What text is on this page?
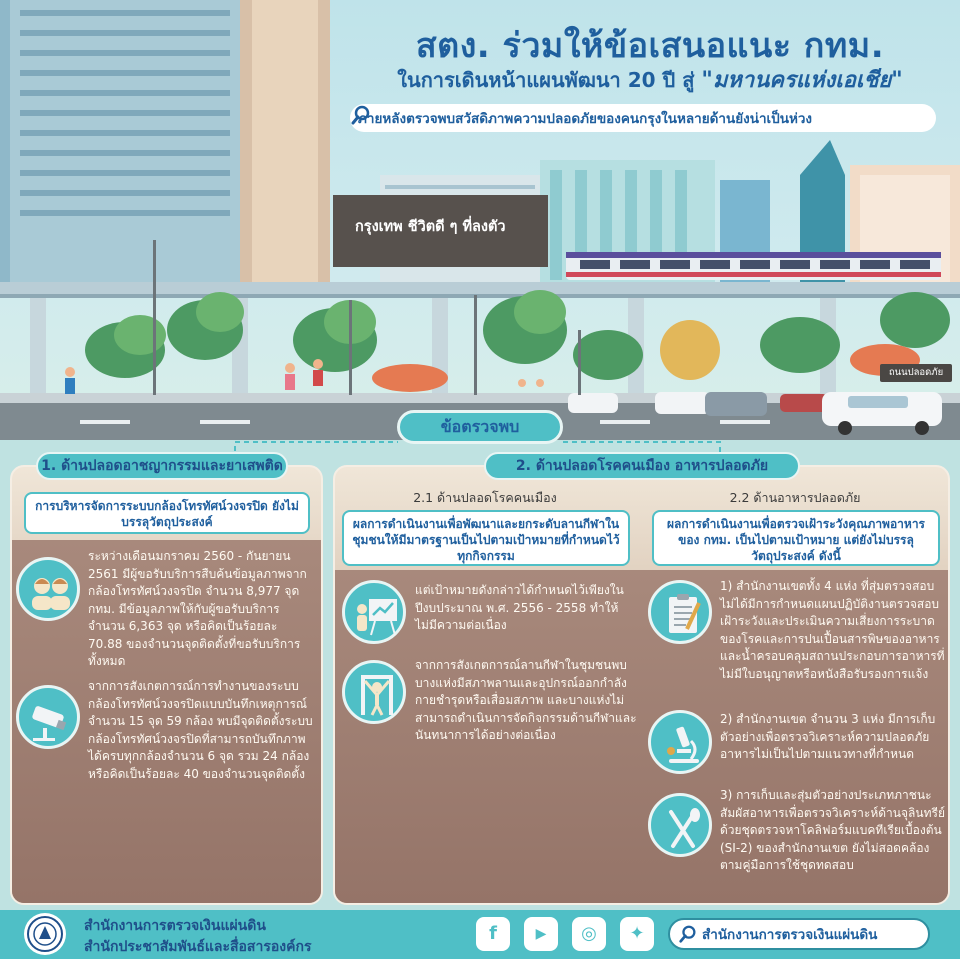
สตง. ร่วมให้ข้อเสนอแนะ กทม.
ในการเดินหน้าแผนพัฒนา 20 ปี สู่ "มหานครแห่งเอเชีย"
ภายหลังตรวจพบสวัสดิภาพความปลอดภัยของคนกรุงในหลายด้านยังน่าเป็นห่วง
กรุงเทพ ชีวิตดี ๆ ที่ลงตัว
ถนนปลอดภัย
ข้อตรวจพบ
1. ด้านปลอดอาชญากรรมและยาเสพติด
การบริหารจัดการระบบกล้องโทรทัศน์วงจรปิด ยังไม่บรรลุวัตถุประสงค์
ระหว่างเดือนมกราคม 2560 - กันยายน 2561 มีผู้ขอรับบริการสืบค้นข้อมูลภาพจากกล้องโทรทัศน์วงจรปิด จำนวน 8,977 จุด กทม. มีข้อมูลภาพให้กับผู้ขอรับบริการจำนวน 6,363 จุด หรือคิดเป็นร้อยละ 70.88 ของจำนวนจุดติดตั้งที่ขอรับบริการทั้งหมด
จากการสังเกตการณ์การทำงานของระบบกล้องโทรทัศน์วงจรปิดแบบบันทึกเหตุการณ์ จำนวน 15 จุด 59 กล้อง พบมีจุดติดตั้งระบบกล้องโทรทัศน์วงจรปิดที่สามารถบันทึกภาพได้ครบทุกกล้องจำนวน 6 จุด รวม 24 กล้อง หรือคิดเป็นร้อยละ 40 ของจำนวนจุดติดตั้ง
2. ด้านปลอดโรคคนเมือง อาหารปลอดภัย
2.1 ด้านปลอดโรคคนเมือง
ผลการดำเนินงานเพื่อพัฒนาและยกระดับลานกีฬาในชุมชนให้มีมาตรฐานเป็นไปตามเป้าหมายที่กำหนดไว้ทุกกิจกรรม
แต่เป้าหมายดังกล่าวได้กำหนดไว้เพียงในปีงบประมาณ พ.ศ. 2556 - 2558 ทำให้ไม่มีความต่อเนื่อง
จากการสังเกตการณ์ลานกีฬาในชุมชนพบบางแห่งมีสภาพลานและอุปกรณ์ออกกำลังกายชำรุดหรือเสื่อมสภาพ และบางแห่งไม่สามารถดำเนินการจัดกิจกรรมด้านกีฬาและนันทนาการได้อย่างต่อเนื่อง
2.2 ด้านอาหารปลอดภัย
ผลการดำเนินงานเพื่อตรวจเฝ้าระวังคุณภาพอาหารของ กทม. เป็นไปตามเป้าหมาย แต่ยังไม่บรรลุวัตถุประสงค์ ดังนี้
1) สำนักงานเขตทั้ง 4 แห่ง ที่สุ่มตรวจสอบไม่ได้มีการกำหนดแผนปฏิบัติงานตรวจสอบเฝ้าระวังและประเมินความเสี่ยงการระบาดของโรคและการปนเปื้อนสารพิษของอาหาร และน้ำครอบคลุมสถานประกอบการอาหารที่ไม่มีใบอนุญาตหรือหนังสือรับรองการแจ้ง
2) สำนักงานเขต จำนวน 3 แห่ง มีการเก็บตัวอย่างเพื่อตรวจวิเคราะห์ความปลอดภัยอาหารไม่เป็นไปตามแนวทางที่กำหนด
3) การเก็บและสุ่มตัวอย่างประเภทภาชนะสัมผัสอาหารเพื่อตรวจวิเคราะห์ด้านจุลินทรีย์ด้วยชุดตรวจหาโคลิฟอร์มแบคทีเรียเบื้องต้น (SI-2) ของสำนักงานเขต ยังไม่สอดคล้องตามคู่มือการใช้ชุดทดสอบ
สำนักงานการตรวจเงินแผ่นดิน
สำนักประชาสัมพันธ์และสื่อสารองค์กร
f	▶	◎	✦	สำนักงานการตรวจเงินแผ่นดิน
